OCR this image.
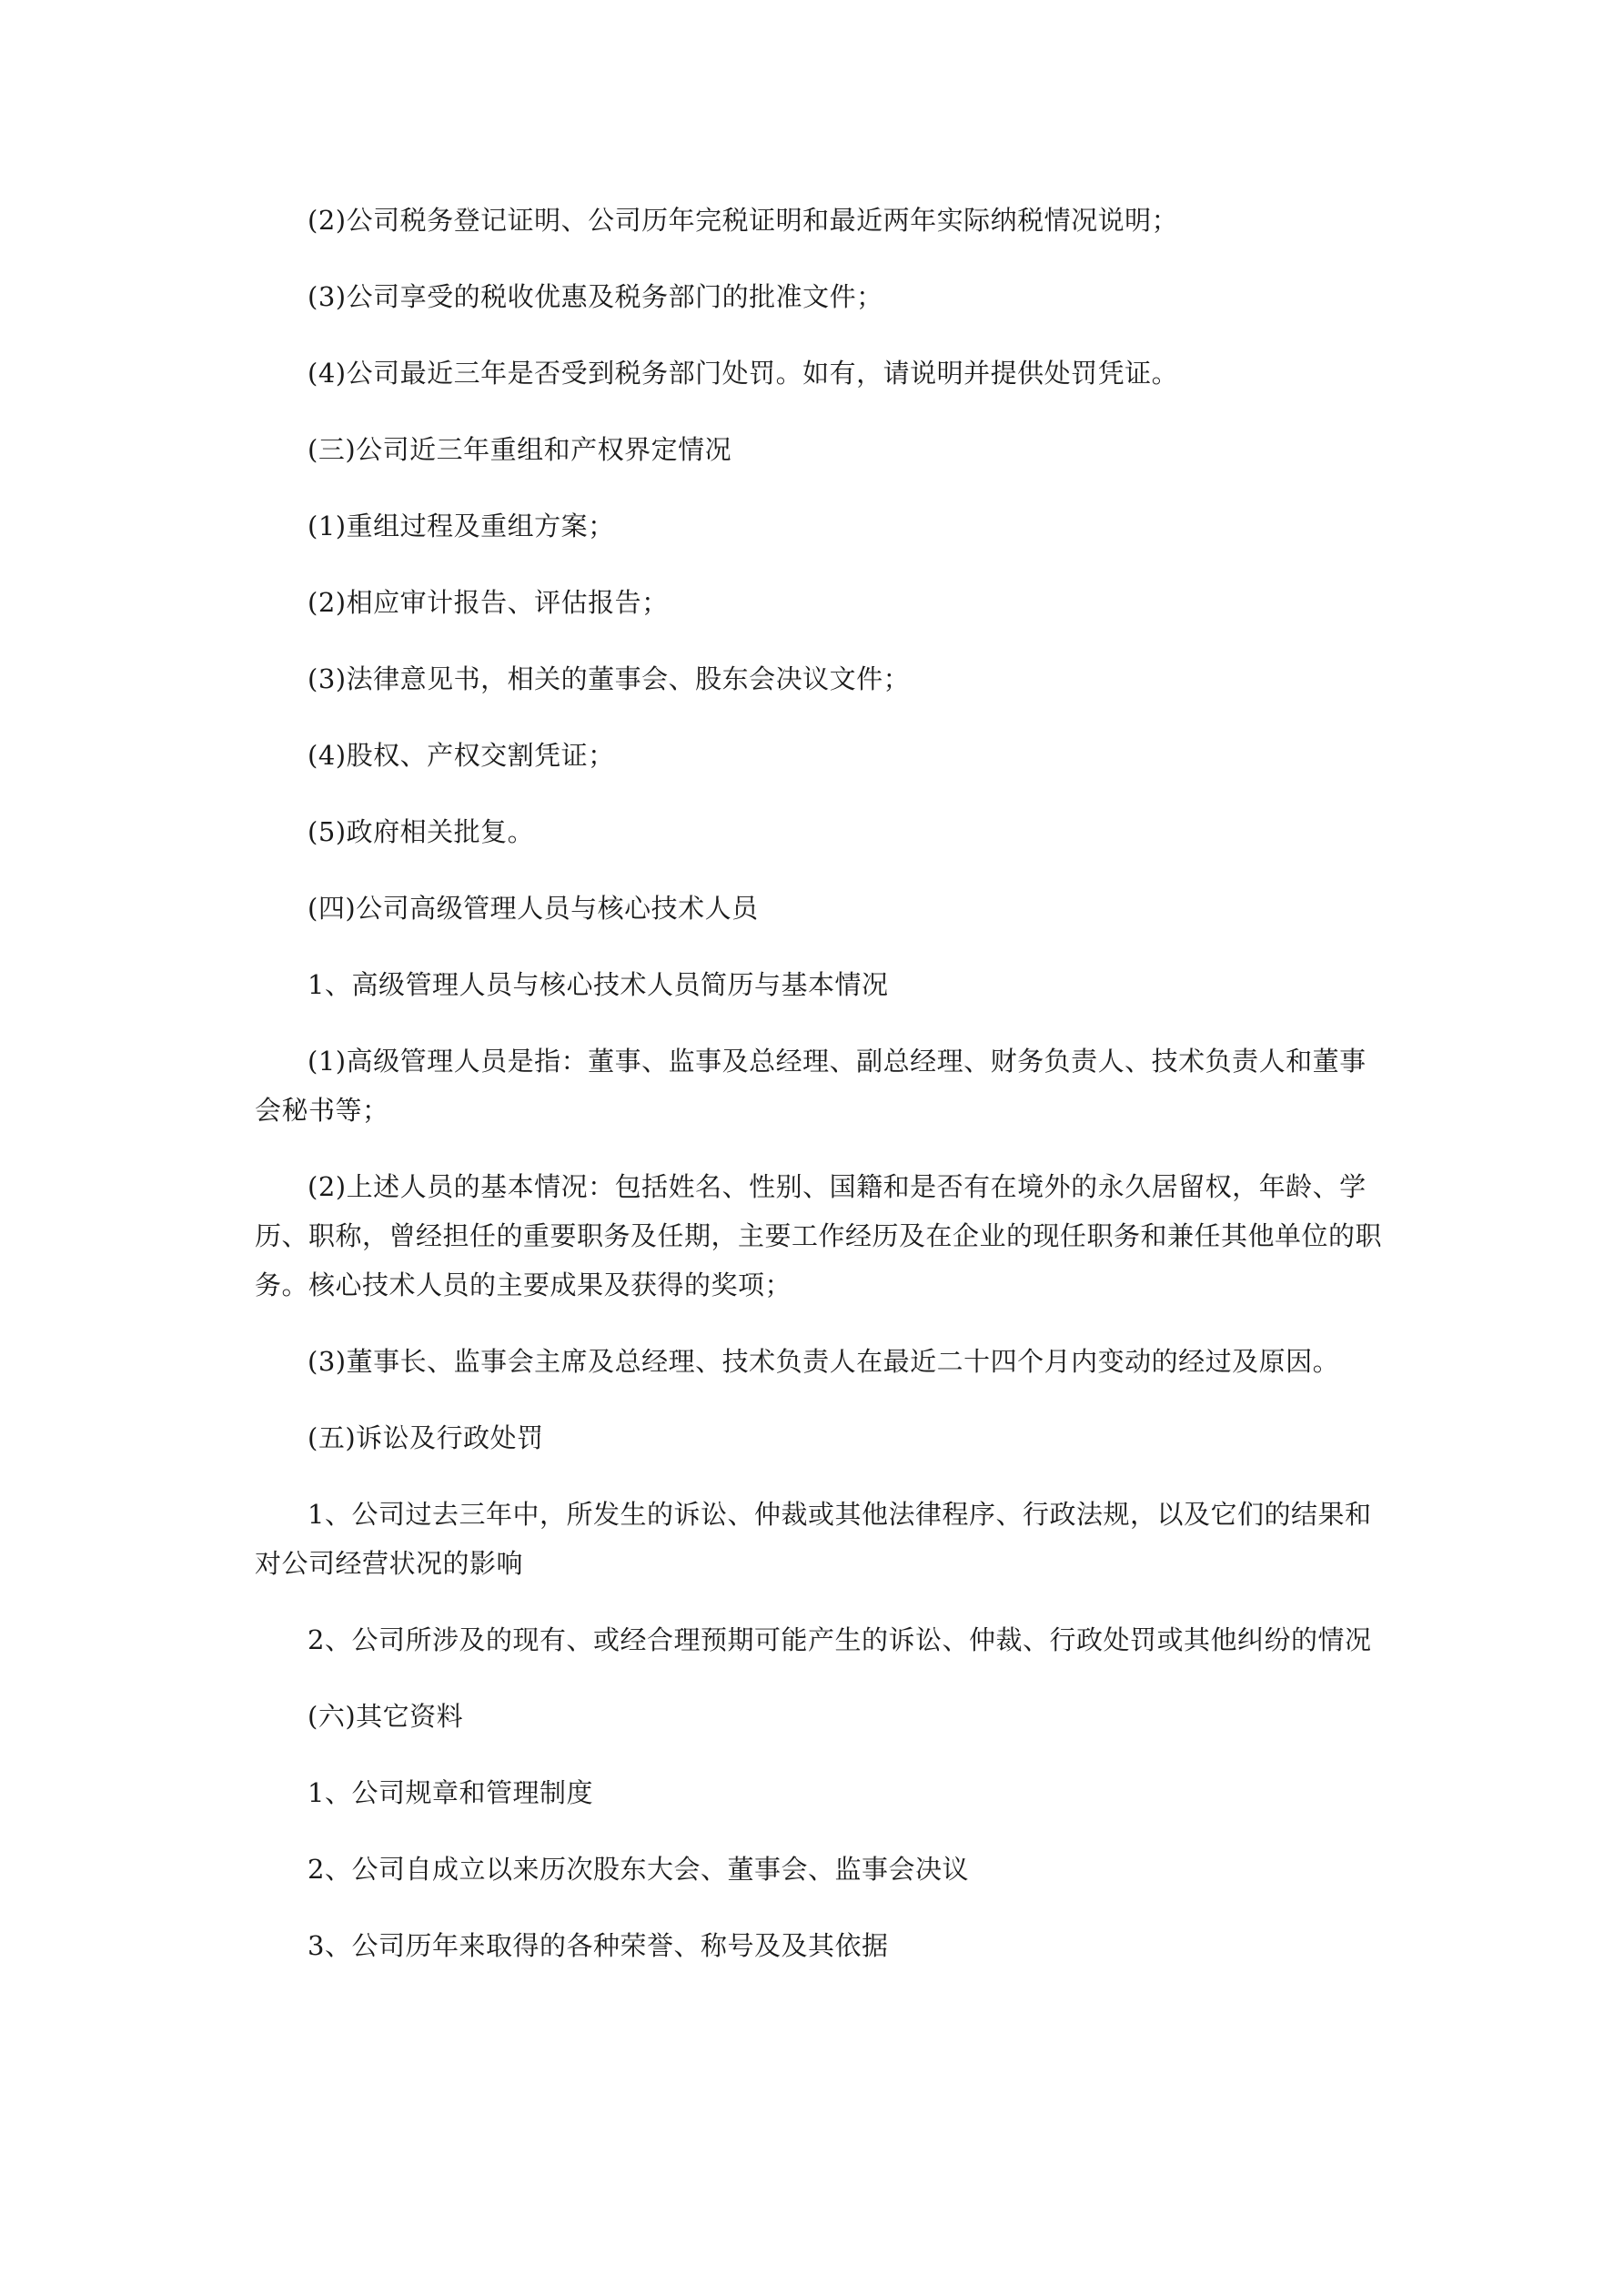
(2)公司税务登记证明、公司历年完税证明和最近两年实际纳税情况说明；

(3)公司享受的税收优惠及税务部门的批准文件；

(4)公司最近三年是否受到税务部门处罚。如有，请说明并提供处罚凭证。

(三)公司近三年重组和产权界定情况

(1)重组过程及重组方案；

(2)相应审计报告、评估报告；

(3)法律意见书，相关的董事会、股东会决议文件；

(4)股权、产权交割凭证；

(5)政府相关批复。

(四)公司高级管理人员与核心技术人员

1、高级管理人员与核心技术人员简历与基本情况

(1)高级管理人员是指：董事、监事及总经理、副总经理、财务负责人、技术负责人和董事会秘书等；

(2)上述人员的基本情况：包括姓名、性别、国籍和是否有在境外的永久居留权，年龄、学历、职称，曾经担任的重要职务及任期，主要工作经历及在企业的现任职务和兼任其他单位的职务。核心技术人员的主要成果及获得的奖项；

(3)董事长、监事会主席及总经理、技术负责人在最近二十四个月内变动的经过及原因。

(五)诉讼及行政处罚

1、公司过去三年中，所发生的诉讼、仲裁或其他法律程序、行政法规，以及它们的结果和对公司经营状况的影响

2、公司所涉及的现有、或经合理预期可能产生的诉讼、仲裁、行政处罚或其他纠纷的情况

(六)其它资料

1、公司规章和管理制度

2、公司自成立以来历次股东大会、董事会、监事会决议

3、公司历年来取得的各种荣誉、称号及及其依据
